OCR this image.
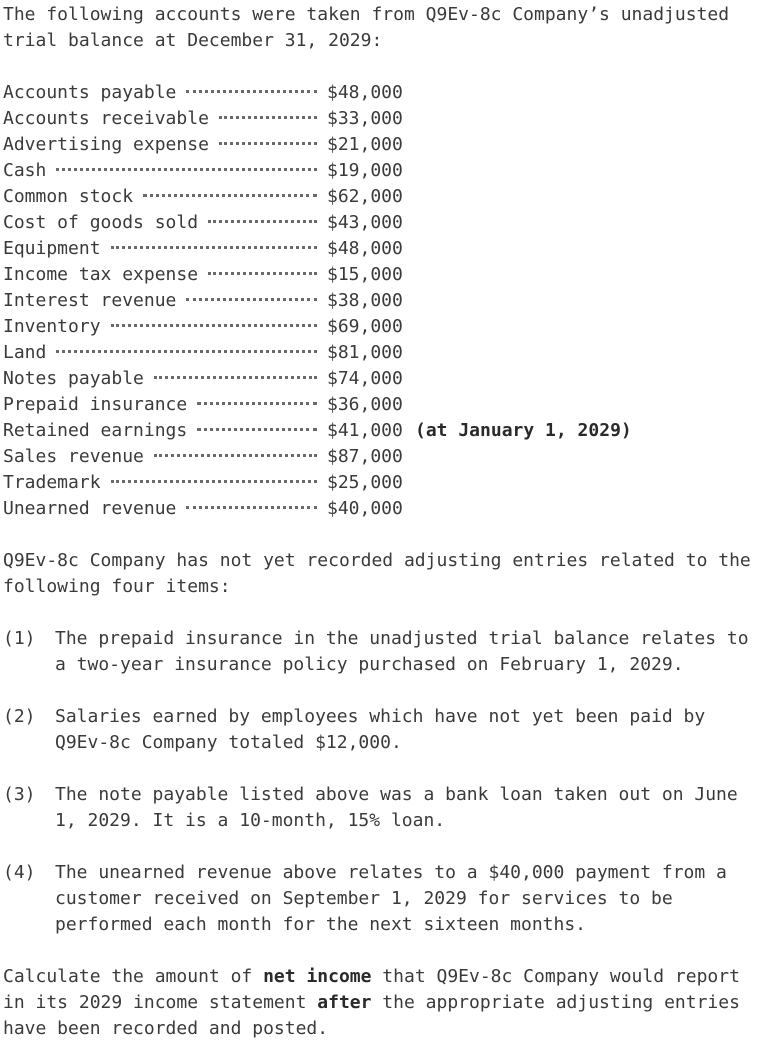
The following accounts were taken from Q9Ev-8c Company’s unadjusted trial balance at December 31, 2029:

Accounts payable	$48,000
Accounts receivable	$33,000
Advertising expense	$21,000
Cash	$19,000
Common stock	$62,000
Cost of goods sold	$43,000
Equipment	$48,000
Income tax expense	$15,000
Interest revenue	$38,000
Inventory	$69,000
Land	$81,000
Notes payable	$74,000
Prepaid insurance	$36,000
Retained earnings	$41,000 (at January 1, 2029)
Sales revenue	$87,000
Trademark	$25,000
Unearned revenue	$40,000

Q9Ev-8c Company has not yet recorded adjusting entries related to the following four items:

(1)	The prepaid insurance in the unadjusted trial balance relates to a two-year insurance policy purchased on February 1, 2029.
(2)	Salaries earned by employees which have not yet been paid by Q9Ev-8c Company totaled $12,000.
(3)	The note payable listed above was a bank loan taken out on June 1, 2029. It is a 10-month, 15% loan.
(4)	The unearned revenue above relates to a $40,000 payment from a customer received on September 1, 2029 for services to be performed each month for the next sixteen months.

Calculate the amount of net income that Q9Ev-8c Company would report in its 2029 income statement after the appropriate adjusting entries have been recorded and posted.
